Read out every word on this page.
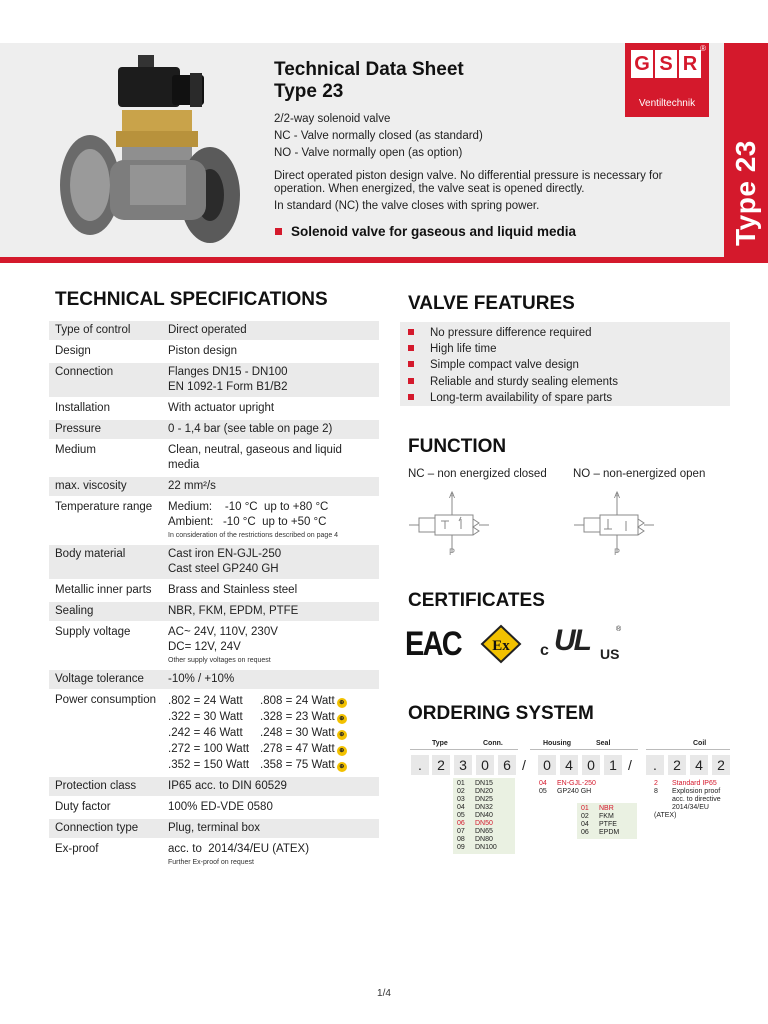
Technical Data Sheet
Type 23
2/2-way solenoid valve
NC - Valve normally closed (as standard)
NO - Valve normally open (as option)
Direct operated piston design valve. No differential pressure is necessary for
operation. When energized, the valve seat is opened directly.
In standard (NC) the valve closes with spring power.
Solenoid valve for gaseous and liquid media
G S R
®
Ventiltechnik
Type 23
TECHNICAL SPECIFICATIONS
Type of control	Direct operated

Design	Piston design

Connection	Flanges DN15 - DN100
EN 1092-1 Form B1/B2

Installation	With actuator upright

Pressure	0 - 1,4 bar (see table on page 2)

Medium	Clean, neutral, gaseous and liquid
media

max. viscosity	22 mm²/s

Temperature range	Medium:    -10 °C  up to +80 °C
Ambient:   -10 °C  up to +50 °C
In consideration of the restrictions described on page 4

Body material	Cast iron EN-GJL-250
Cast steel GP240 GH

Metallic inner parts	Brass and Stainless steel

Sealing	NBR, FKM, EPDM, PTFE

Supply voltage	AC~ 24V, 110V, 230V
DC= 12V, 24V
Other supply voltages on request

Voltage tolerance	-10% / +10%

Power consumption	.802 = 24 Watt .808 = 24 Watt ⊕
.322 = 30 Watt .328 = 23 Watt ⊕
.242 = 46 Watt .248 = 30 Watt ⊕
.272 = 100 Watt .278 = 47 Watt ⊕
.352 = 150 Watt .358 = 75 Watt ⊕

Protection class	IP65 acc. to DIN 60529

Duty factor	100% ED-VDE 0580

Connection type	Plug, terminal box

Ex-proof	acc. to  2014/34/EU (ATEX)
Further Ex-proof on request
VALVE FEATURES
No pressure difference required
High life time
Simple compact valve design
Reliable and sturdy sealing elements
Long-term availability of spare parts
FUNCTION
NC – non energized closed NO – non-energized open
A
P
A
P
CERTIFICATES
EAC Ex c UL	®
US
ORDERING SYSTEM
Type	Conn.	Housing	Seal	Coil
.	2	3	0	6 /	0	4	0	1 /	.	2	4	2
01 DN15
02 DN20
03 DN25
04 DN32
05 DN40
06 DN50
07 DN65
08 DN80
09 DN100
04 EN-GJL-250
05 GP240 GH
01 NBR
02 FKM
04 PTFE
06 EPDM
2 Standard IP65
8 Explosion proof
acc. to directive
2014/34/EU (ATEX)
1/4
